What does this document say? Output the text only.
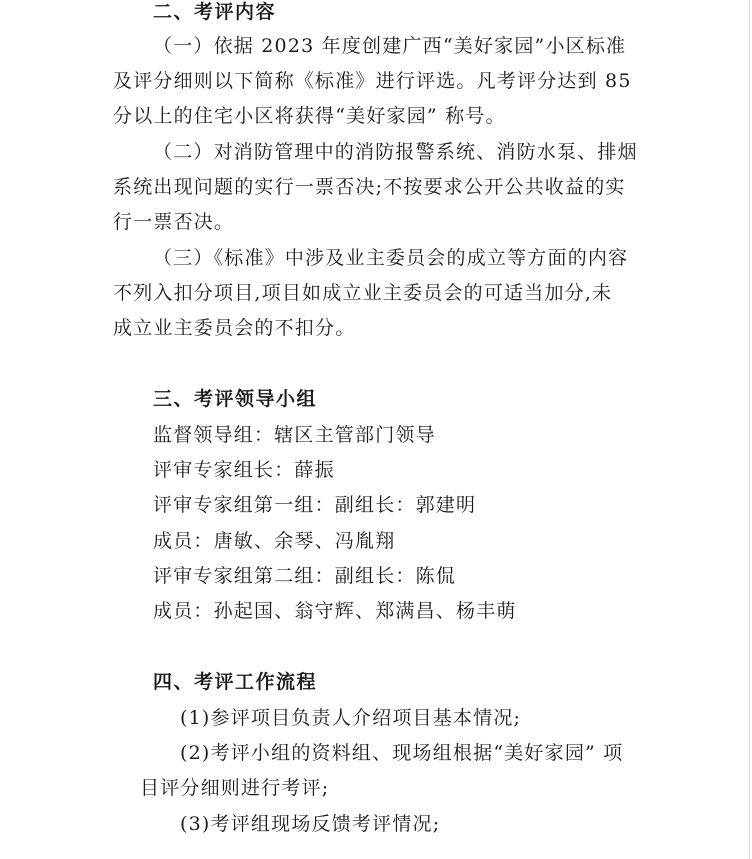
二、考评内容
（一）依据 2023 年度创建广西“美好家园”小区标准
及评分细则以下简称《标准》进行评选。凡考评分达到 85
分以上的住宅小区将获得“美好家园” 称号。
（二）对消防管理中的消防报警系统、消防水泵、排烟
系统出现问题的实行一票否决;不按要求公开公共收益的实
行一票否决。
（三）《标准》中涉及业主委员会的成立等方面的内容
不列入扣分项目,项目如成立业主委员会的可适当加分,未
成立业主委员会的不扣分。
三、考评领导小组
监督领导组：辖区主管部门领导
评审专家组长：薛振
评审专家组第一组：副组长：郭建明
成员：唐敏、余琴、冯胤翔
评审专家组第二组：副组长：陈侃
成员：孙起国、翁守辉、郑满昌、杨丰萌
四、考评工作流程
(1)参评项目负责人介绍项目基本情况;
(2)考评小组的资料组、现场组根据“美好家园” 项
目评分细则进行考评;
(3)考评组现场反馈考评情况;
